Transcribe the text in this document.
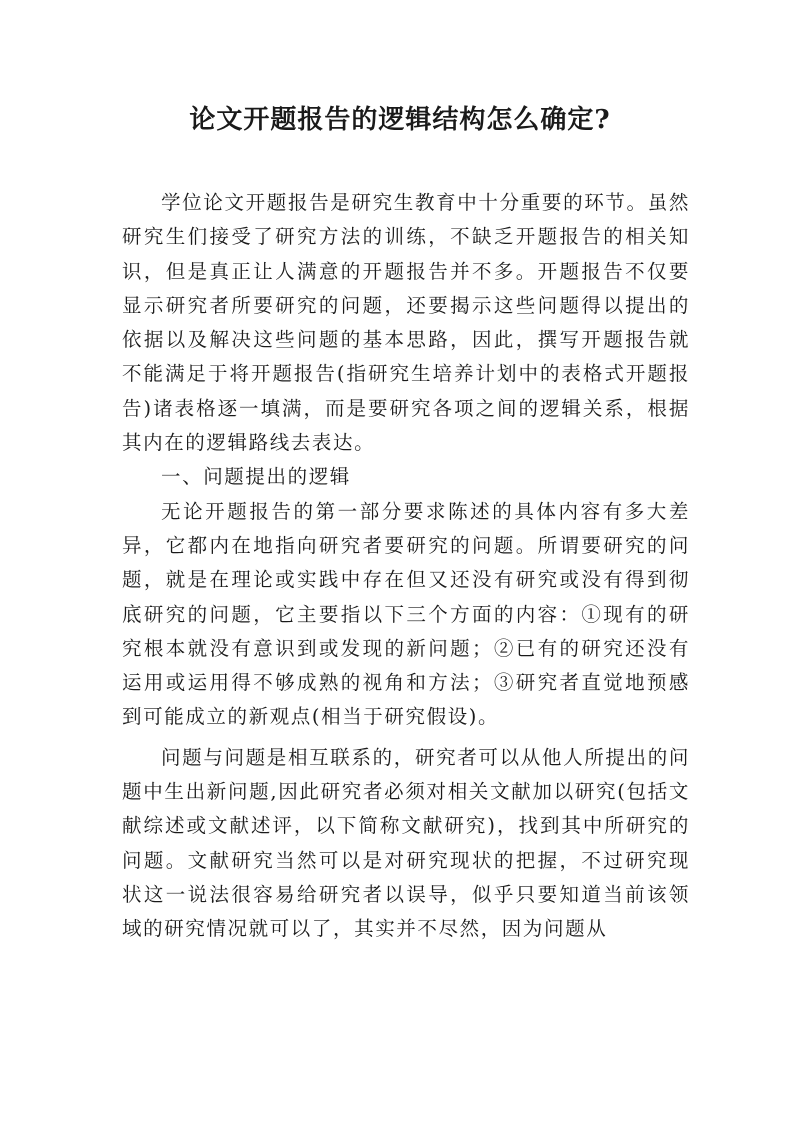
论文开题报告的逻辑结构怎么确定?

学位论文开题报告是研究生教育中十分重要的环节。虽然研究生们接受了研究方法的训练，不缺乏开题报告的相关知识，但是真正让人满意的开题报告并不多。开题报告不仅要显示研究者所要研究的问题，还要揭示这些问题得以提出的依据以及解决这些问题的基本思路，因此，撰写开题报告就不能满足于将开题报告(指研究生培养计划中的表格式开题报告)诸表格逐一填满，而是要研究各项之间的逻辑关系，根据其内在的逻辑路线去表达。

一、问题提出的逻辑

无论开题报告的第一部分要求陈述的具体内容有多大差异，它都内在地指向研究者要研究的问题。所谓要研究的问题，就是在理论或实践中存在但又还没有研究或没有得到彻底研究的问题，它主要指以下三个方面的内容：①现有的研究根本就没有意识到或发现的新问题；②已有的研究还没有运用或运用得不够成熟的视角和方法；③研究者直觉地预感到可能成立的新观点(相当于研究假设)。

问题与问题是相互联系的，研究者可以从他人所提出的问题中生出新问题,因此研究者必须对相关文献加以研究(包括文献综述或文献述评，以下简称文献研究)，找到其中所研究的问题。文献研究当然可以是对研究现状的把握，不过研究现状这一说法很容易给研究者以误导，似乎只要知道当前该领域的研究情况就可以了，其实并不尽然，因为问题从
